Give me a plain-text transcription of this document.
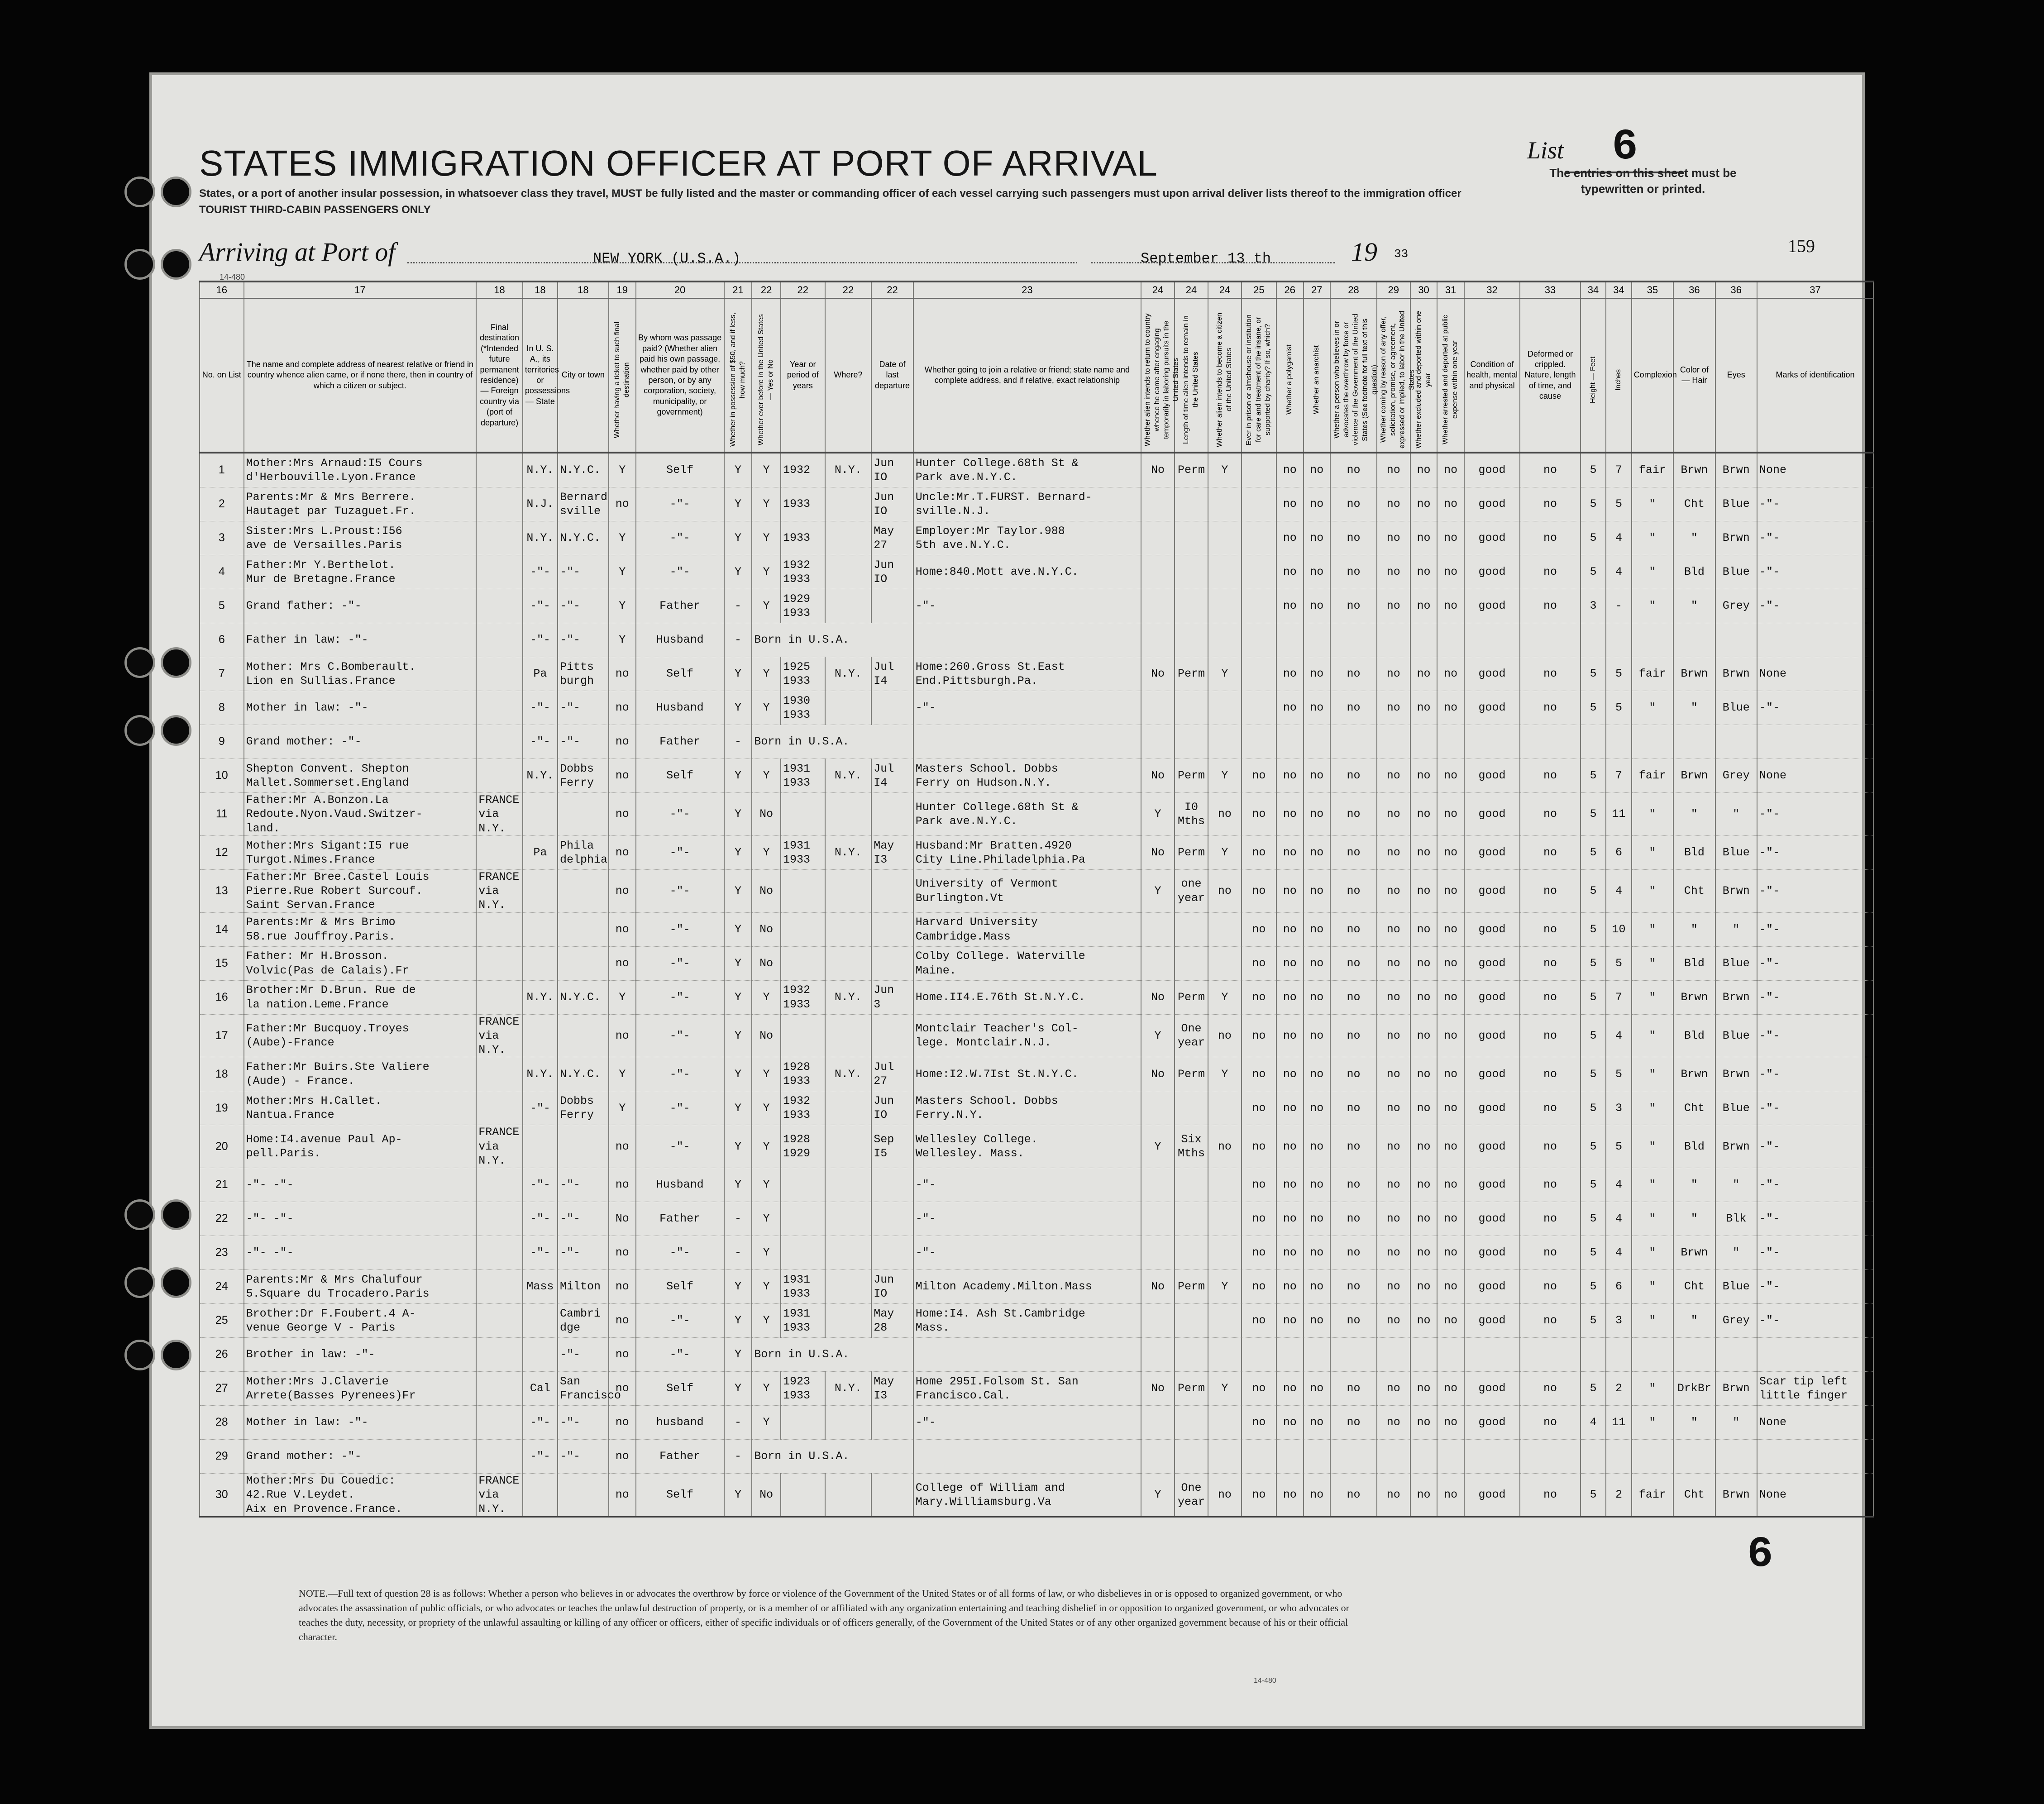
STATES IMMIGRATION OFFICER AT PORT OF ARRIVAL	List 6
The entries on this sheet must be typewritten or printed.

States, or a port of another insular possession, in whatsoever class they travel, MUST be fully listed and the master or commanding officer of each vessel carrying such passengers must upon arrival deliver lists thereof to the immigration officer
TOURIST THIRD-CABIN PASSENGERS ONLY

Arriving at Port of	NEW YORK (U.S.A.)	September 13 th	19 33	159
14-480
16	17	18	18	18	19	20	21	22	22	22	22	23	24	24	24	25	26	27	28	29	30	31	32	33	34	34	35	36	36	37
No. on List	The name and complete address of nearest relative or friend in country whence alien came, or if none there, then in country of which a citizen or subject.	Final destination (*Intended future permanent residence) — Foreign country via (port of departure)	In U. S. A., its territories or possessions — State	City or town	Whether having a ticket to such final destination	By whom was passage paid? (Whether alien paid his own passage, whether paid by other person, or by any corporation, society, municipality, or government)	Whether in possession of $50, and if less, how much?	Whether ever before in the United States — Yes or No	Year or period of years	Where?	Date of last departure	Whether going to join a relative or friend; state name and complete address, and if relative, exact relationship	Whether alien intends to return to country whence he came after engaging temporarily in laboring pursuits in the United States	Length of time alien intends to remain in the United States	Whether alien intends to become a citizen of the United States	Ever in prison or almshouse or institution for care and treatment of the insane, or supported by charity? If so, which?	Whether a polygamist	Whether an anarchist	Whether a person who believes in or advocates the overthrow by force or violence of the Government of the United States (See footnote for full text of this question)	Whether coming by reason of any offer, solicitation, promise, or agreement, expressed or implied, to labor in the United States	Whether excluded and deported within one year	Whether arrested and deported at public expense within one year	Condition of health, mental and physical	Deformed or crippled. Nature, length of time, and cause	Height — Feet	Inches	Complexion	Color of — Hair	Eyes	Marks of identification
1	Mother:Mrs Arnaud:I5 Cours
d'Herbouville.Lyon.France		N.Y.	N.Y.C.	Y	Self	Y	Y	1932	N.Y.	Jun
IO	Hunter College.68th St &
Park ave.N.Y.C.	No	Perm	Y		no	no	no	no	no	no	good	no	5	7	fair	Brwn	Brwn	None
2	Parents:Mr & Mrs Berrere.
Hautaget par Tuzaguet.Fr.		N.J.	Bernard
sville	no	-"-	Y	Y	1933		Jun
IO	Uncle:Mr.T.FURST. Bernard-
sville.N.J.					no	no	no	no	no	no	good	no	5	5	"	Cht	Blue	-"-
3	Sister:Mrs L.Proust:I56
ave de Versailles.Paris		N.Y.	N.Y.C.	Y	-"-	Y	Y	1933		May
27	Employer:Mr Taylor.988
5th ave.N.Y.C.					no	no	no	no	no	no	good	no	5	4	"	"	Brwn	-"-
4	Father:Mr Y.Berthelot.
Mur de Bretagne.France		-"-	-"-	Y	-"-	Y	Y	1932
1933		Jun
IO	Home:840.Mott ave.N.Y.C.					no	no	no	no	no	no	good	no	5	4	"	Bld	Blue	-"-
5	Grand father: -"-		-"-	-"-	Y	Father	-	Y	1929
1933			-"-					no	no	no	no	no	no	good	no	3	-	"	"	Grey	-"-
6	Father in law: -"-		-"-	-"-	Y	Husband	-	Born in U.S.A.																						
7	Mother: Mrs C.Bomberault.
Lion en Sullias.France		Pa	Pitts
burgh	no	Self	Y	Y	1925
1933	N.Y.	Jul
I4	Home:260.Gross St.East
End.Pittsburgh.Pa.	No	Perm	Y		no	no	no	no	no	no	good	no	5	5	fair	Brwn	Brwn	None
8	Mother in law: -"-		-"-	-"-	no	Husband	Y	Y	1930
1933			-"-					no	no	no	no	no	no	good	no	5	5	"	"	Blue	-"-
9	Grand mother: -"-		-"-	-"-	no	Father	-	Born in U.S.A.																						
10	Shepton Convent. Shepton
Mallet.Sommerset.England		N.Y.	Dobbs
Ferry	no	Self	Y	Y	1931
1933	N.Y.	Jul
I4	Masters School. Dobbs
Ferry on Hudson.N.Y.	No	Perm	Y	no	no	no	no	no	no	no	good	no	5	7	fair	Brwn	Grey	None
11	Father:Mr A.Bonzon.La
Redoute.Nyon.Vaud.Switzer-
land.	FRANCE
via
N.Y.			no	-"-	Y	No				Hunter College.68th St &
Park ave.N.Y.C.	Y	I0
Mths	no	no	no	no	no	no	no	no	good	no	5	11	"	"	"	-"-
12	Mother:Mrs Sigant:I5 rue
Turgot.Nimes.France		Pa	Phila
delphia	no	-"-	Y	Y	1931
1933	N.Y.	May
I3	Husband:Mr Bratten.4920
City Line.Philadelphia.Pa	No	Perm	Y	no	no	no	no	no	no	no	good	no	5	6	"	Bld	Blue	-"-
13	Father:Mr Bree.Castel Louis
Pierre.Rue Robert Surcouf.
Saint Servan.France	FRANCE
via N.Y.			no	-"-	Y	No				University of Vermont
Burlington.Vt	Y	one
year	no	no	no	no	no	no	no	no	good	no	5	4	"	Cht	Brwn	-"-
14	Parents:Mr & Mrs Brimo
58.rue Jouffroy.Paris.				no	-"-	Y	No				Harvard University
Cambridge.Mass				no	no	no	no	no	no	no	good	no	5	10	"	"	"	-"-
15	Father: Mr H.Brosson.
Volvic(Pas de Calais).Fr				no	-"-	Y	No				Colby College. Waterville
Maine.				no	no	no	no	no	no	no	good	no	5	5	"	Bld	Blue	-"-
16	Brother:Mr D.Brun. Rue de
la nation.Leme.France		N.Y.	N.Y.C.	Y	-"-	Y	Y	1932
1933	N.Y.	Jun
3	Home.II4.E.76th St.N.Y.C.	No	Perm	Y	no	no	no	no	no	no	no	good	no	5	7	"	Brwn	Brwn	-"-
17	Father:Mr Bucquoy.Troyes
(Aube)-France	FRANCE
via N.Y.			no	-"-	Y	No				Montclair Teacher's Col-
lege. Montclair.N.J.	Y	One
year	no	no	no	no	no	no	no	no	good	no	5	4	"	Bld	Blue	-"-
18	Father:Mr Buirs.Ste Valiere
(Aude) - France.		N.Y.	N.Y.C.	Y	-"-	Y	Y	1928
1933	N.Y.	Jul
27	Home:I2.W.7Ist St.N.Y.C.	No	Perm	Y	no	no	no	no	no	no	no	good	no	5	5	"	Brwn	Brwn	-"-
19	Mother:Mrs H.Callet.
Nantua.France		-"-	Dobbs
Ferry	Y	-"-	Y	Y	1932
1933		Jun
IO	Masters School. Dobbs
Ferry.N.Y.				no	no	no	no	no	no	no	good	no	5	3	"	Cht	Blue	-"-
20	Home:I4.avenue Paul Ap-
pell.Paris.	FRANCE
via N.Y.			no	-"-	Y	Y	1928
1929		Sep
I5	Wellesley College.
Wellesley. Mass.	Y	Six
Mths	no	no	no	no	no	no	no	no	good	no	5	5	"	Bld	Brwn	-"-
21	-"- -"-		-"-	-"-	no	Husband	Y	Y				-"-				no	no	no	no	no	no	no	good	no	5	4	"	"	"	-"-
22	-"- -"-		-"-	-"-	No	Father	-	Y				-"-				no	no	no	no	no	no	no	good	no	5	4	"	"	Blk	-"-
23	-"- -"-		-"-	-"-	no	-"-	-	Y				-"-				no	no	no	no	no	no	no	good	no	5	4	"	Brwn	"	-"-
24	Parents:Mr & Mrs Chalufour
5.Square du Trocadero.Paris		Mass	Milton	no	Self	Y	Y	1931
1933		Jun
IO	Milton Academy.Milton.Mass	No	Perm	Y	no	no	no	no	no	no	no	good	no	5	6	"	Cht	Blue	-"-
25	Brother:Dr F.Foubert.4 A-
venue George V - Paris			Cambri
dge	no	-"-	Y	Y	1931
1933		May
28	Home:I4. Ash St.Cambridge
Mass.				no	no	no	no	no	no	no	good	no	5	3	"	"	Grey	-"-
26	Brother in law: -"-			-"-	no	-"-	Y	Born in U.S.A.																						
27	Mother:Mrs J.Claverie
Arrete(Basses Pyrenees)Fr		Cal	San
Francisco	no	Self	Y	Y	1923
1933	N.Y.	May
I3	Home 295I.Folsom St. San
Francisco.Cal.	No	Perm	Y	no	no	no	no	no	no	no	good	no	5	2	"	DrkBr	Brwn	Scar tip left
little finger
28	Mother in law: -"-		-"-	-"-	no	husband	-	Y				-"-				no	no	no	no	no	no	no	good	no	4	11	"	"	"	None
29	Grand mother: -"-		-"-	-"-	no	Father	-	Born in U.S.A.																						
30	Mother:Mrs Du Couedic:
42.Rue V.Leydet.
Aix en Provence.France.	FRANCE
via N.Y.			no	Self	Y	No				College of William and
Mary.Williamsburg.Va	Y	One
year	no	no	no	no	no	no	no	no	good	no	5	2	fair	Cht	Brwn	None
6

NOTE.—Full text of question 28 is as follows: Whether a person who believes in or advocates the overthrow by force or violence of the Government of the United States or of all forms of law, or who disbelieves in or is opposed to organized government, or who advocates the assassination of public officials, or who advocates or teaches the unlawful destruction of property, or is a member of or affiliated with any organization entertaining and teaching disbelief in or opposition to organized government, or who advocates or teaches the duty, necessity, or propriety of the unlawful assaulting or killing of any officer or officers, either of specific individuals or of officers generally, of the Government of the United States or of any other organized government because of his or their official character.

14-480
